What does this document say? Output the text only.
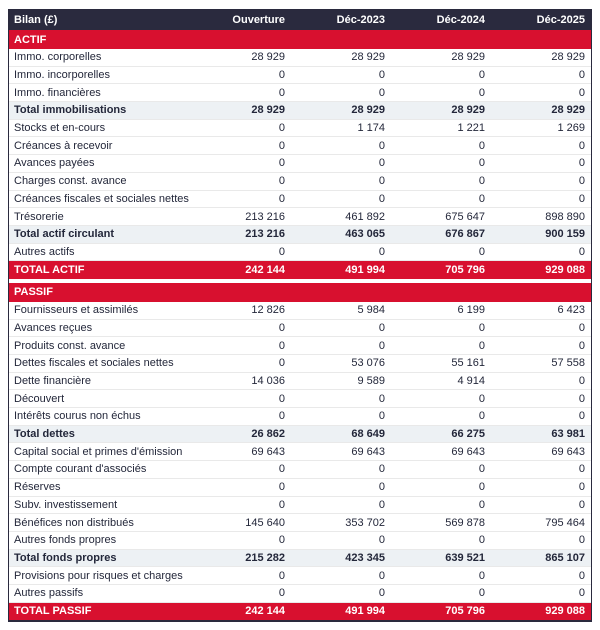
Bilan (£)	Ouverture	Déc-2023	Déc-2024	Déc-2025
ACTIF
Immo. corporelles	28 929	28 929	28 929	28 929
Immo. incorporelles	0	0	0	0
Immo. financières	0	0	0	0
Total immobilisations	28 929	28 929	28 929	28 929
Stocks et en-cours	0	1 174	1 221	1 269
Créances à recevoir	0	0	0	0
Avances payées	0	0	0	0
Charges const. avance	0	0	0	0
Créances fiscales et sociales nettes	0	0	0	0
Trésorerie	213 216	461 892	675 647	898 890
Total actif circulant	213 216	463 065	676 867	900 159
Autres actifs	0	0	0	0
TOTAL ACTIF	242 144	491 994	705 796	929 088
PASSIF
Fournisseurs et assimilés	12 826	5 984	6 199	6 423
Avances reçues	0	0	0	0
Produits const. avance	0	0	0	0
Dettes fiscales et sociales nettes	0	53 076	55 161	57 558
Dette financière	14 036	9 589	4 914	0
Découvert	0	0	0	0
Intérêts courus non échus	0	0	0	0
Total dettes	26 862	68 649	66 275	63 981
Capital social et primes d'émission	69 643	69 643	69 643	69 643
Compte courant d'associés	0	0	0	0
Réserves	0	0	0	0
Subv. investissement	0	0	0	0
Bénéfices non distribués	145 640	353 702	569 878	795 464
Autres fonds propres	0	0	0	0
Total fonds propres	215 282	423 345	639 521	865 107
Provisions pour risques et charges	0	0	0	0
Autres passifs	0	0	0	0
TOTAL PASSIF	242 144	491 994	705 796	929 088
